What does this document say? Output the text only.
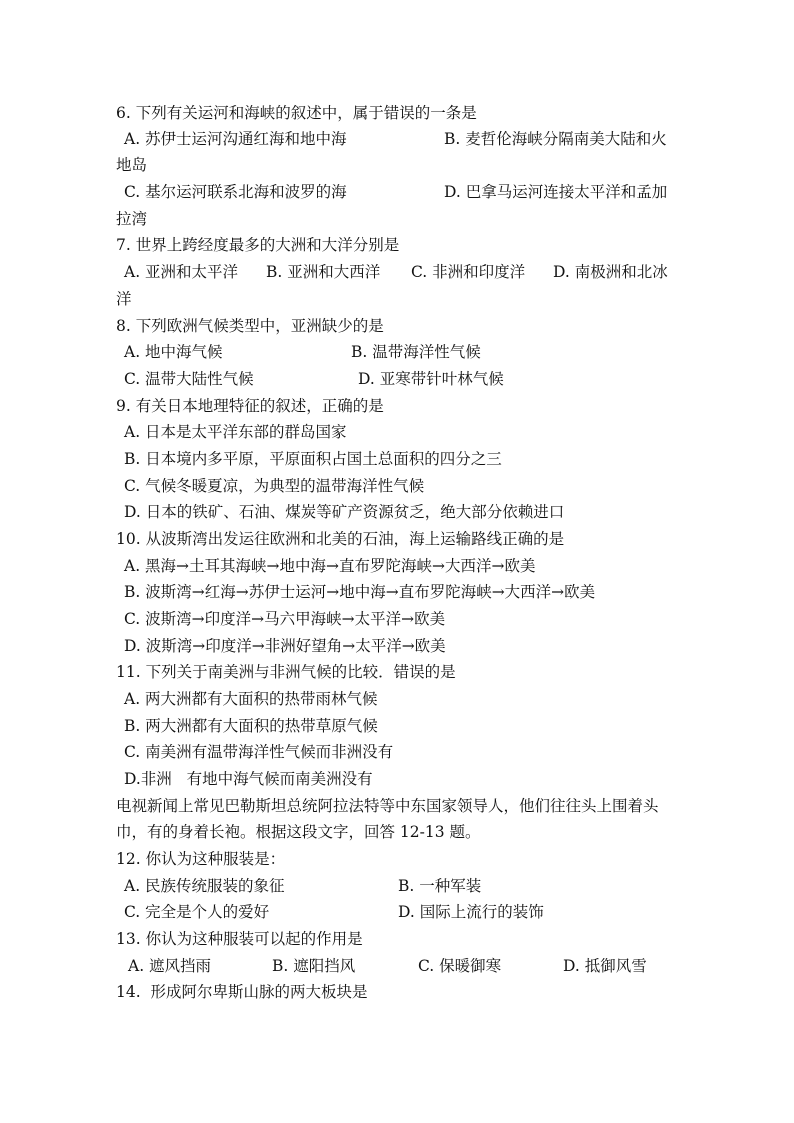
6. 下列有关运河和海峡的叙述中，属于错误的一条是
A. 苏伊士运河沟通红海和地中海	B. 麦哲伦海峡分隔南美大陆和火
地岛
C. 基尔运河联系北海和波罗的海	D. 巴拿马运河连接太平洋和孟加
拉湾
7. 世界上跨经度最多的大洲和大洋分别是
A. 亚洲和太平洋 B. 亚洲和大西洋 C. 非洲和印度洋 D. 南极洲和北冰
洋
8. 下列欧洲气候类型中，亚洲缺少的是
A. 地中海气候	B. 温带海洋性气候
C. 温带大陆性气候	D. 亚寒带针叶林气候
9. 有关日本地理特征的叙述，正确的是
A. 日本是太平洋东部的群岛国家
B. 日本境内多平原，平原面积占国土总面积的四分之三
C. 气候冬暖夏凉，为典型的温带海洋性气候
D. 日本的铁矿、石油、煤炭等矿产资源贫乏，绝大部分依赖进口
10. 从波斯湾出发运往欧洲和北美的石油，海上运输路线正确的是
A. 黑海→土耳其海峡→地中海→直布罗陀海峡→大西洋→欧美
B. 波斯湾→红海→苏伊士运河→地中海→直布罗陀海峡→大西洋→欧美
C. 波斯湾→印度洋→马六甲海峡→太平洋→欧美
D. 波斯湾→印度洋→非洲好望角→太平洋→欧美
11. 下列关于南美洲与非洲气候的比较．错误的是
A. 两大洲都有大面积的热带雨林气候
B. 两大洲都有大面积的热带草原气候
C. 南美洲有温带海洋性气候而非洲没有
D.非洲   有地中海气候而南美洲没有
电视新闻上常见巴勒斯坦总统阿拉法特等中东国家领导人，他们往往头上围着头
巾，有的身着长袍。根据这段文字，回答 12-13 题。
12. 你认为这种服装是：
A. 民族传统服装的象征	B. 一种军装
C. 完全是个人的爱好	D. 国际上流行的装饰
13. 你认为这种服装可以起的作用是
A. 遮风挡雨	B. 遮阳挡风	C. 保暖御寒	D. 抵御风雪
14.  形成阿尔卑斯山脉的两大板块是
